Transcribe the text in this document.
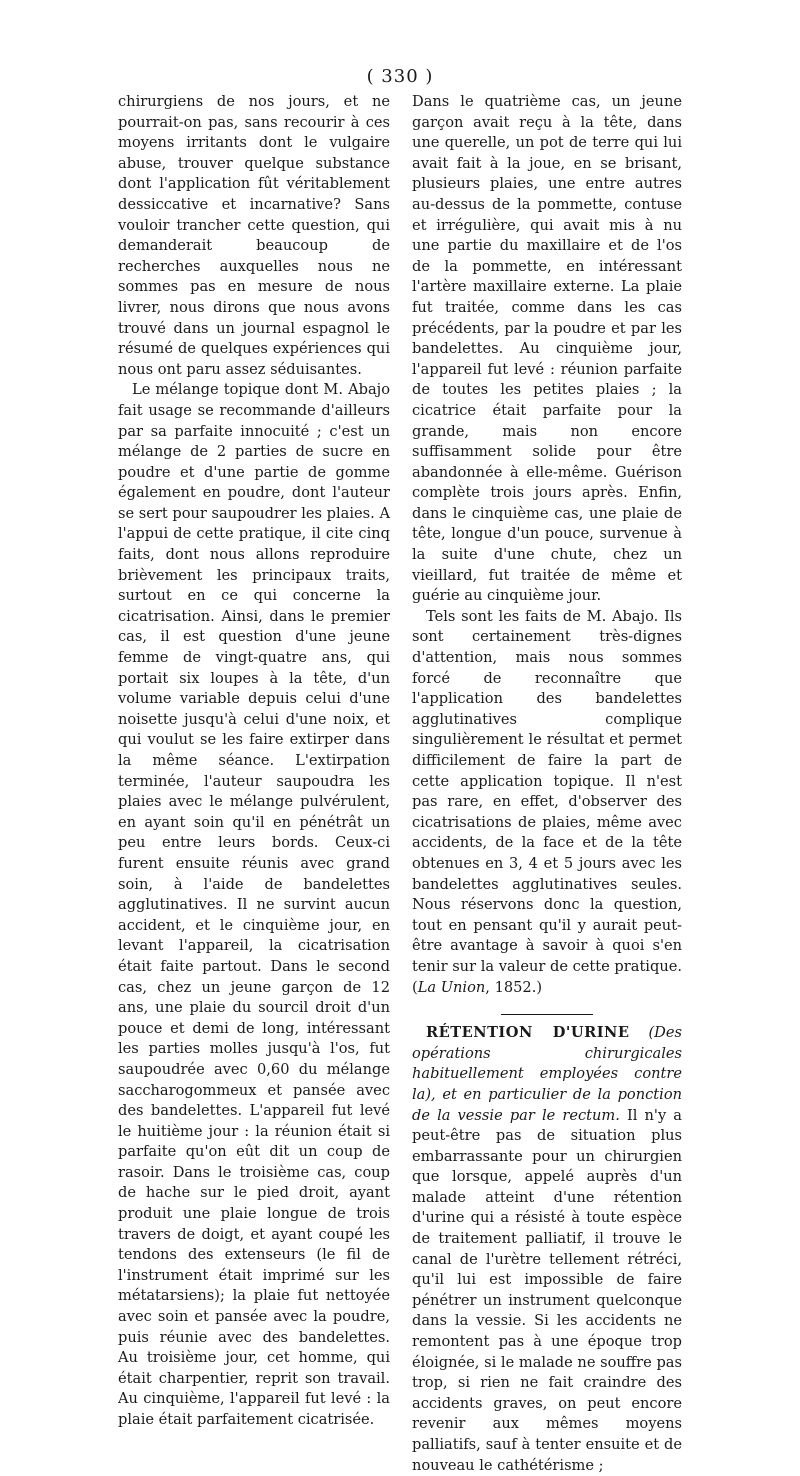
( 330 )

chirurgiens de nos jours, et ne pourrait-on pas, sans recourir à ces moyens irritants dont le vulgaire abuse, trouver quelque substance dont l'application fût véritablement dessiccative et incarnative? Sans vouloir trancher cette question, qui demanderait beaucoup de recherches auxquelles nous ne sommes pas en mesure de nous livrer, nous dirons que nous avons trouvé dans un journal espagnol le résumé de quelques expériences qui nous ont paru assez séduisantes.

Le mélange topique dont M. Abajo fait usage se recommande d'ailleurs par sa parfaite innocuité ; c'est un mélange de 2 parties de sucre en poudre et d'une partie de gomme également en poudre, dont l'auteur se sert pour saupoudrer les plaies. A l'appui de cette pratique, il cite cinq faits, dont nous allons reproduire brièvement les principaux traits, surtout en ce qui concerne la cicatrisation. Ainsi, dans le premier cas, il est question d'une jeune femme de vingt-quatre ans, qui portait six loupes à la tête, d'un volume variable depuis celui d'une noisette jusqu'à celui d'une noix, et qui voulut se les faire extirper dans la même séance. L'extirpation terminée, l'auteur saupoudra les plaies avec le mélange pulvérulent, en ayant soin qu'il en pénétrât un peu entre leurs bords. Ceux-ci furent ensuite réunis avec grand soin, à l'aide de bandelettes agglutinatives. Il ne survint aucun accident, et le cinquième jour, en levant l'appareil, la cicatrisation était faite partout. Dans le second cas, chez un jeune garçon de 12 ans, une plaie du sourcil droit d'un pouce et demi de long, intéressant les parties molles jusqu'à l'os, fut saupoudrée avec 0,60 du mélange saccharogommeux et pansée avec des bandelettes. L'appareil fut levé le huitième jour : la réunion était si parfaite qu'on eût dit un coup de rasoir. Dans le troisième cas, coup de hache sur le pied droit, ayant produit une plaie longue de trois travers de doigt, et ayant coupé les tendons des extenseurs (le fil de l'instrument était imprimé sur les métatarsiens); la plaie fut nettoyée avec soin et pansée avec la poudre, puis réunie avec des bandelettes. Au troisième jour, cet homme, qui était charpentier, reprit son travail. Au cinquième, l'appareil fut levé : la plaie était parfaitement cicatrisée.

Dans le quatrième cas, un jeune garçon avait reçu à la tête, dans une querelle, un pot de terre qui lui avait fait à la joue, en se brisant, plusieurs plaies, une entre autres au-dessus de la pommette, contuse et irrégulière, qui avait mis à nu une partie du maxillaire et de l'os de la pommette, en intéressant l'artère maxillaire externe. La plaie fut traitée, comme dans les cas précédents, par la poudre et par les bandelettes. Au cinquième jour, l'appareil fut levé : réunion parfaite de toutes les petites plaies ; la cicatrice était parfaite pour la grande, mais non encore suffisamment solide pour être abandonnée à elle-même. Guérison complète trois jours après. Enfin, dans le cinquième cas, une plaie de tête, longue d'un pouce, survenue à la suite d'une chute, chez un vieillard, fut traitée de même et guérie au cinquième jour.

Tels sont les faits de M. Abajo. Ils sont certainement très-dignes d'attention, mais nous sommes forcé de reconnaître que l'application des bandelettes agglutinatives complique singulièrement le résultat et permet difficilement de faire la part de cette application topique. Il n'est pas rare, en effet, d'observer des cicatrisations de plaies, même avec accidents, de la face et de la tête obtenues en 3, 4 et 5 jours avec les bandelettes agglutinatives seules. Nous réservons donc la question, tout en pensant qu'il y aurait peut-être avantage à savoir à quoi s'en tenir sur la valeur de cette pratique. (La Union, 1852.)

RÉTENTION D'URINE (Des opérations chirurgicales habituellement employées contre la), et en particulier de la ponction de la vessie par le rectum. Il n'y a peut-être pas de situation plus embarrassante pour un chirurgien que lorsque, appelé auprès d'un malade atteint d'une rétention d'urine qui a résisté à toute espèce de traitement palliatif, il trouve le canal de l'urètre tellement rétréci, qu'il lui est impossible de faire pénétrer un instrument quelconque dans la vessie. Si les accidents ne remontent pas à une époque trop éloignée, si le malade ne souffre pas trop, si rien ne fait craindre des accidents graves, on peut encore revenir aux mêmes moyens palliatifs, sauf à tenter ensuite et de nouveau le cathétérisme ;
